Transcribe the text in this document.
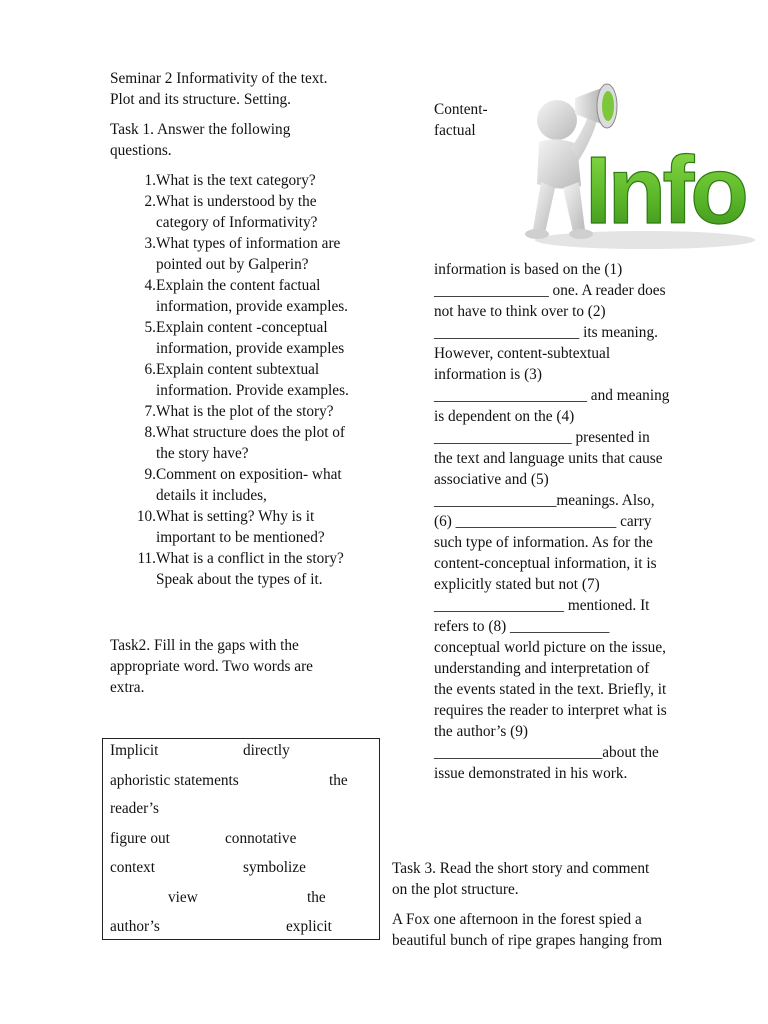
Seminar 2 Informativity of the text.

Plot and its structure. Setting.

Task 1. Answer the following

questions.

1. What is the text category?
2. What is understood by the
category of Informativity?
3. What types of information are
pointed out by Galperin?
4. Explain the content factual
information, provide examples.
5. Explain content -conceptual
information, provide examples
6. Explain content subtextual
information. Provide examples.
7. What is the plot of the story?
8. What structure does the plot of
the story have?
9. Comment on exposition- what
details it includes,
10. What is setting? Why is it
important to be mentioned?
11. What is a conflict in the story?
Speak about the types of it.

Task2. Fill in the gaps with the

appropriate word. Two words are

extra.

Implicit	directly
aphoristic statements	the
reader’s
figure out	connotative
context	symbolize
view	the
author’s	explicit

Content-

factual

Info

information is based on the (1)

_______________ one. A reader does

not have to think over to (2)

___________________ its meaning.

However, content-subtextual

information is (3)

____________________ and meaning

is dependent on the (4)

__________________ presented in

the text and language units that cause

associative and (5)

________________meanings. Also,

(6) _____________________ carry

such type of information. As for the

content-conceptual information, it is

explicitly stated but not (7)

_________________ mentioned. It

refers to (8) _____________

conceptual world picture on the issue,

understanding and interpretation of

the events stated in the text. Briefly, it

requires the reader to interpret what is

the author’s (9)

______________________about the

issue demonstrated in his work.

Task 3. Read the short story and comment

on the plot structure.

A Fox one afternoon in the forest spied a

beautiful bunch of ripe grapes hanging from
